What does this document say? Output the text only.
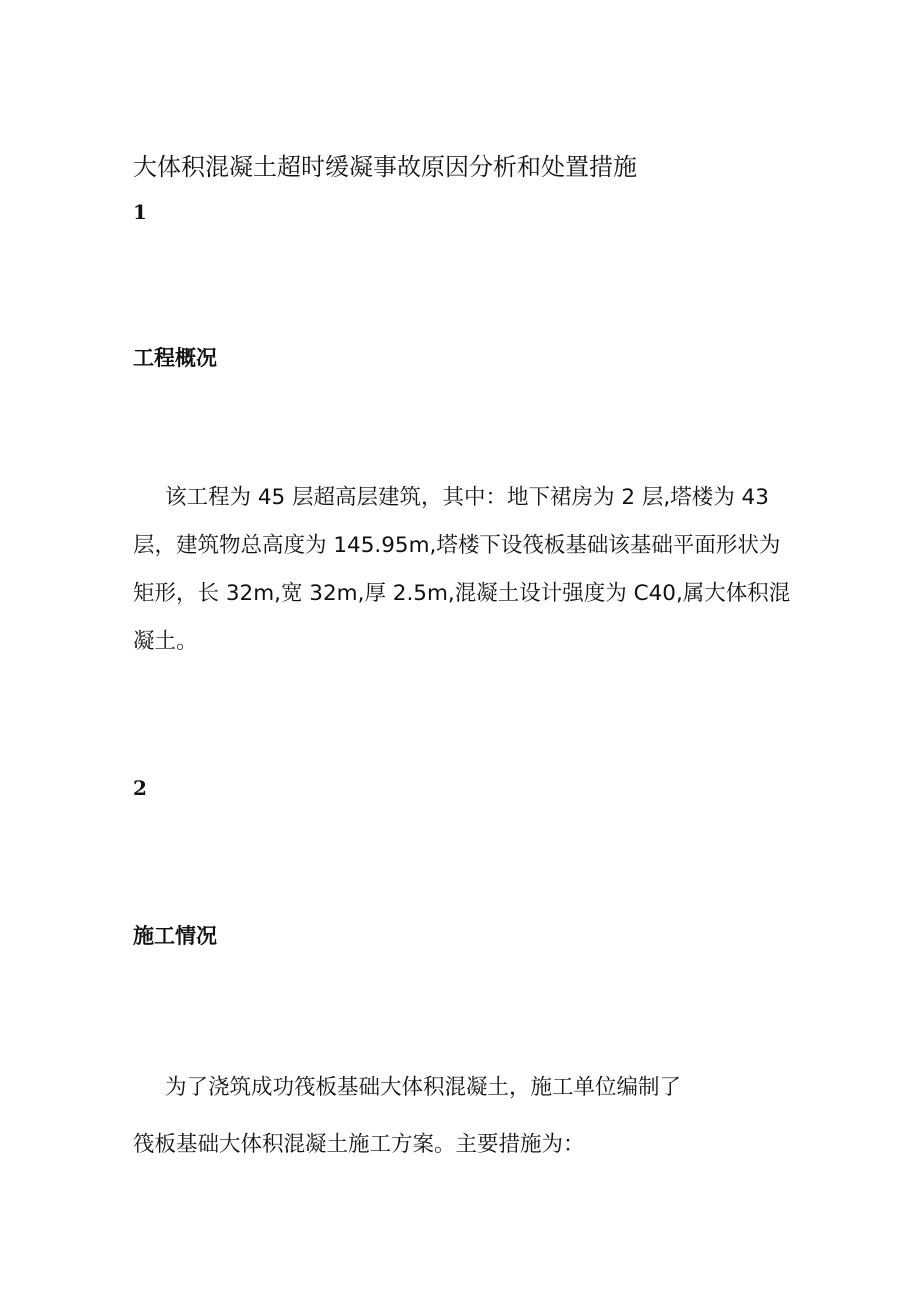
大体积混凝土超时缓凝事故原因分析和处置措施
1
工程概况

该工程为 45 层超高层建筑，其中：地下裙房为 2 层,塔楼为 43 层，建筑物总高度为 145.95m,塔楼下设筏板基础该基础平面形状为矩形，长 32m,宽 32m,厚 2.5m,混凝土设计强度为 C40,属大体积混凝土。

2
施工情况
为了浇筑成功筏板基础大体积混凝土，施工单位编制了
筏板基础大体积混凝土施工方案。主要措施为：
